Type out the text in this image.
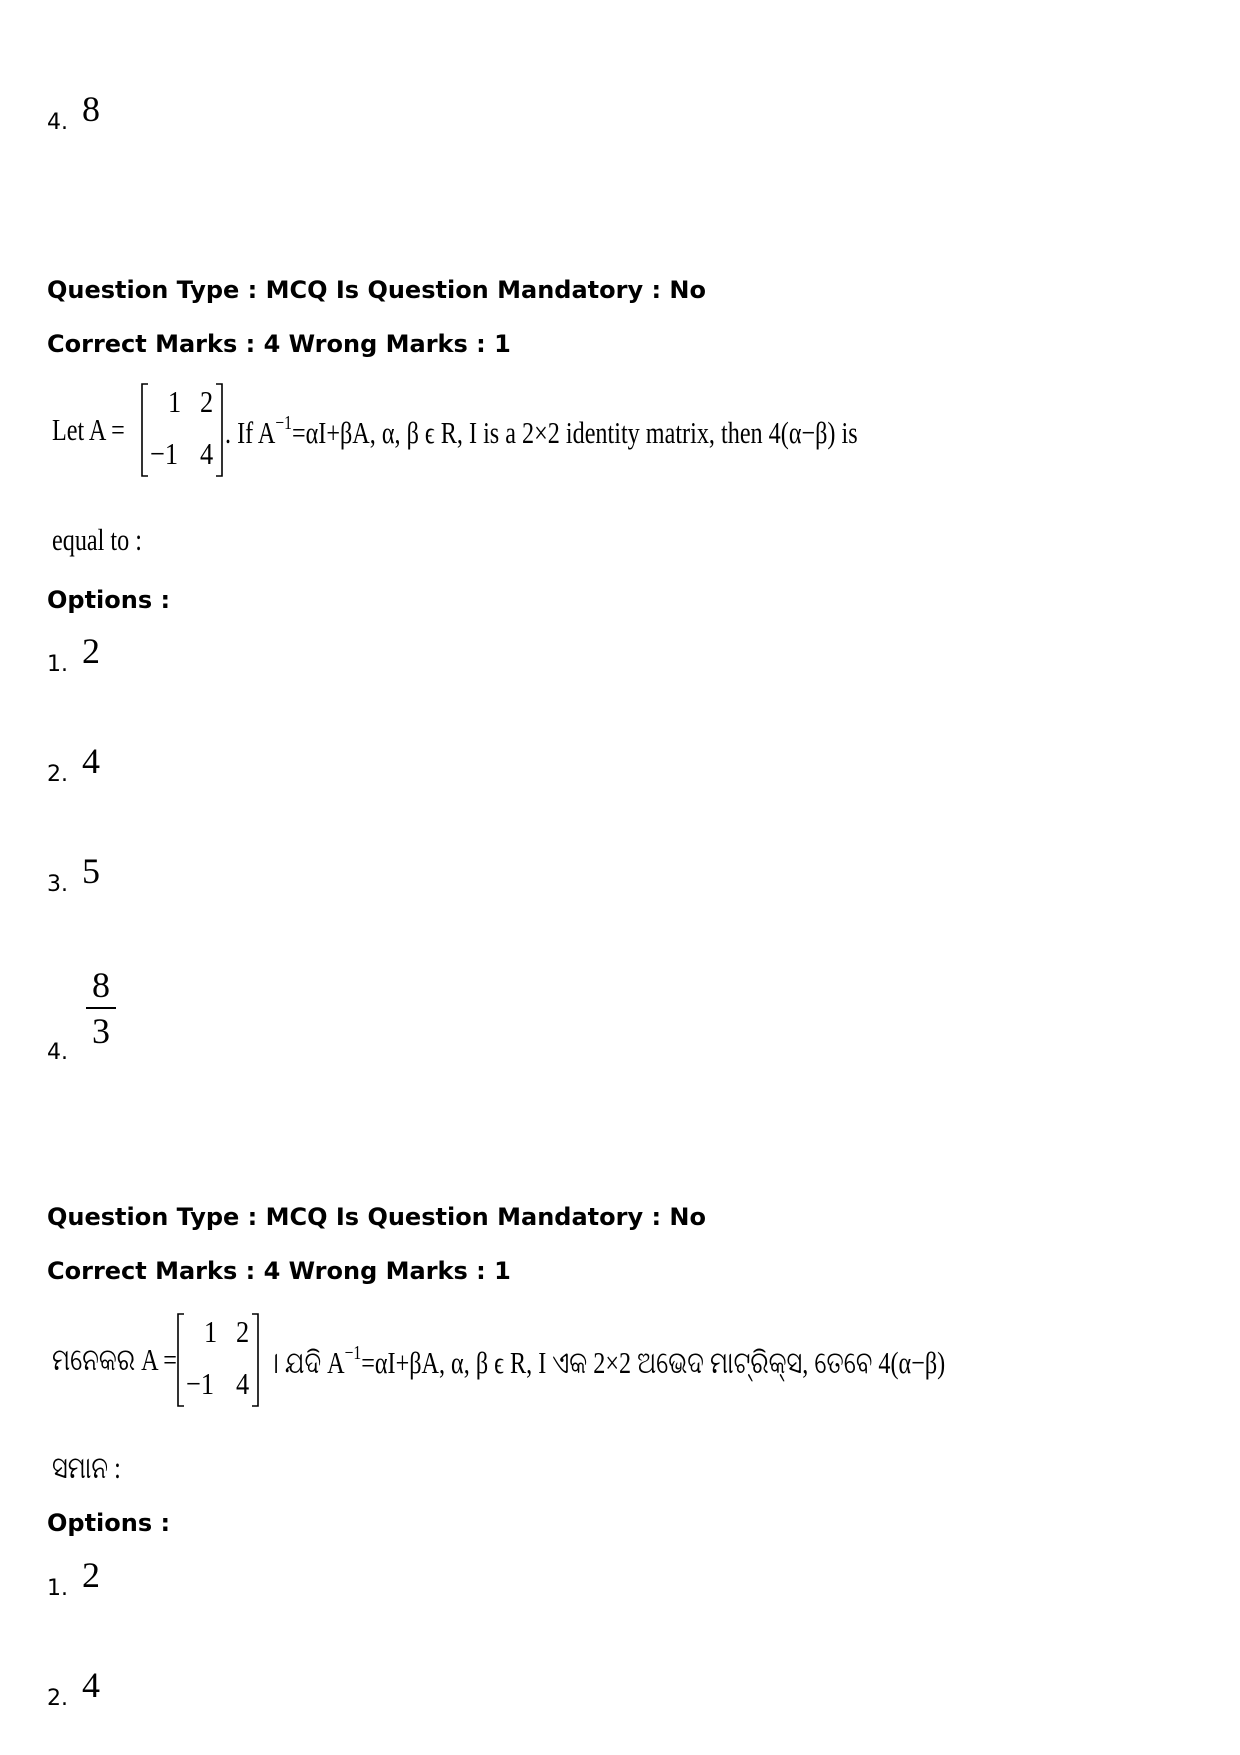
4. 8
Question Type : MCQ Is Question Mandatory : No
Correct Marks : 4 Wrong Marks : 1
Let A =
1 2
−1 4
. If $A^{-1}=\alpha I+\beta A$, α, β ϵ R, I is a 2×2 identity matrix, then 4(α−β) is
equal to :
Options :
1. 2
2. 4
3. 5
4.
8
3
Question Type : MCQ Is Question Mandatory : No
Correct Marks : 4 Wrong Marks : 1
ମନେକର A =
1 2
−1 4
। ଯଦି $A^{-1}=\alpha I+\beta A$, α, β ϵ R, I ଏକ 2×2 ଅଭେଦ ମାଟ୍ରିକ୍ସ, ତେବେ 4(α−β)
ସମାନ :
Options :
1. 2
2. 4
